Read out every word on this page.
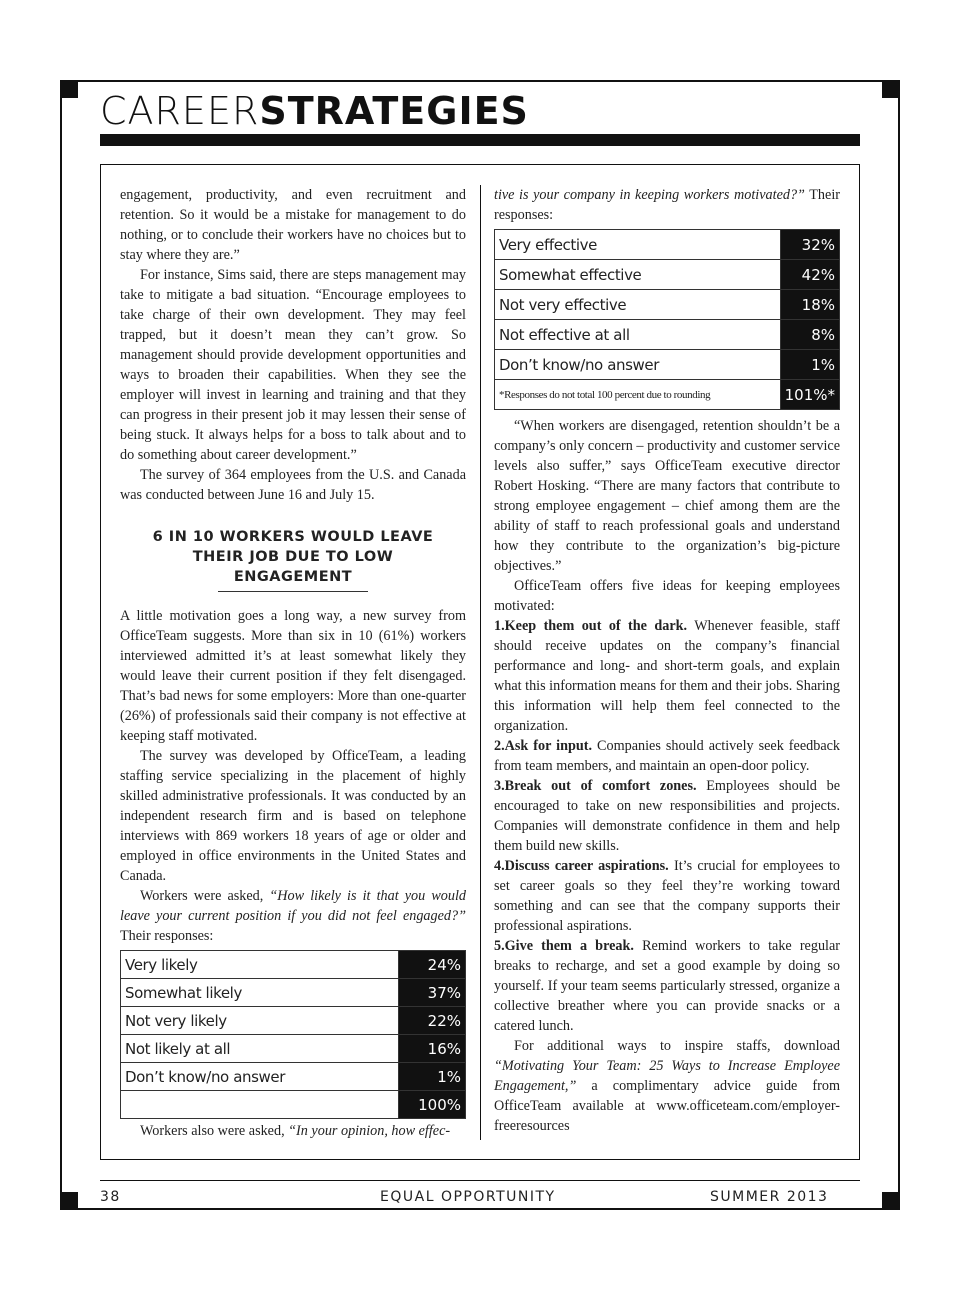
CAREERSTRATEGIES

engagement, productivity, and even recruitment and retention. So it would be a mistake for management to do nothing, or to conclude their workers have no choices but to stay where they are.”

For instance, Sims said, there are steps management may take to mitigate a bad situation. “Encourage employees to take charge of their own development. They may feel trapped, but it doesn’t mean they can’t grow. So management should provide development opportunities and ways to broaden their capabilities. When they see the employer will invest in learning and training and that they can progress in their present job it may lessen their sense of being stuck. It always helps for a boss to talk about and to do something about career development.”

The survey of 364 employees from the U.S. and Canada was conducted between June 16 and July 15.

6 IN 10 WORKERS WOULD LEAVE THEIR JOB DUE TO LOW ENGAGEMENT

A little motivation goes a long way, a new survey from OfficeTeam suggests. More than six in 10 (61%) workers interviewed admitted it’s at least somewhat likely they would leave their current position if they felt disengaged. That’s bad news for some employers: More than one-quarter (26%) of professionals said their company is not effective at keeping staff motivated.

The survey was developed by OfficeTeam, a leading staffing service specializing in the placement of highly skilled administrative professionals. It was conducted by an independent research firm and is based on telephone interviews with 869 workers 18 years of age or older and employed in office environments in the United States and Canada.

Workers were asked, “How likely is it that you would leave your current position if you did not feel engaged?” Their responses:

Very likely	24%
Somewhat likely	37%
Not very likely	22%
Not likely at all	16%
Don’t know/no answer	1%
	100%

Workers also were asked, “In your opinion, how effec-

tive is your company in keeping workers motivated?” Their responses:

Very effective	32%
Somewhat effective	42%
Not very effective	18%
Not effective at all	8%
Don’t know/no answer	1%
*Responses do not total 100 percent due to rounding	101%*

“When workers are disengaged, retention shouldn’t be a company’s only concern – productivity and customer service levels also suffer,” says OfficeTeam executive director Robert Hosking. “There are many factors that contribute to strong employee engagement – chief among them are the ability of staff to reach professional goals and understand how they contribute to the organization’s big-picture objectives.”

OfficeTeam offers five ideas for keeping employees motivated:

1.Keep them out of the dark. Whenever feasible, staff should receive updates on the company’s financial performance and long- and short-term goals, and explain what this information means for them and their jobs. Sharing this information will help them feel connected to the organization.

2.Ask for input. Companies should actively seek feedback from team members, and maintain an open-door policy.

3.Break out of comfort zones. Employees should be encouraged to take on new responsibilities and projects. Companies will demonstrate confidence in them and help them build new skills.

4.Discuss career aspirations. It’s crucial for employees to set career goals so they feel they’re working toward something and can see that the company supports their professional aspirations.

5.Give them a break. Remind workers to take regular breaks to recharge, and set a good example by doing so yourself. If your team seems particularly stressed, organize a collective breather where you can provide snacks or a catered lunch.

For additional ways to inspire staffs, download “Motivating Your Team: 25 Ways to Increase Employee Engagement,” a complimentary advice guide from OfficeTeam available at www.officeteam.com/employer-freeresources

38	EQUAL OPPORTUNITY	SUMMER 2013
